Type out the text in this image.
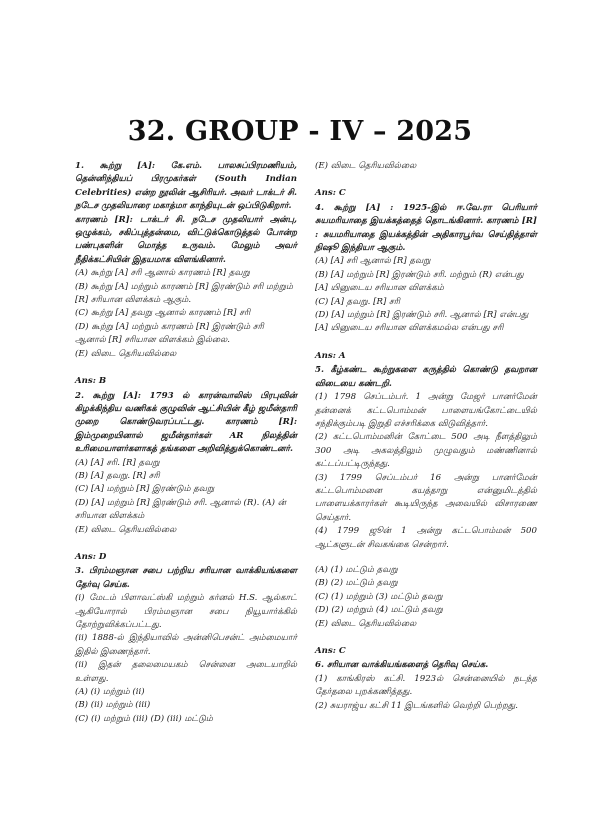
32. GROUP - IV – 2025

1. கூற்று [A]: கே.எம். பாலசுப்பிரமணியம், தென்னிந்தியப் பிரமுகர்கள் (South Indian Celebrities) என்ற நூலின் ஆசிரியர். அவர் டாக்டர் சி. நடேச முதலியாரை மகாத்மா காந்தியுடன் ஒப்பிடுகிறார்.

காரணம் [R]: டாக்டர் சி. நடேச முதலியார் அன்பு, ஒழுக்கம், சகிப்புத்தன்மை, விட்டுக்கொடுத்தல் போன்ற பண்புகளின் மொத்த உருவம். மேலும் அவர் நீதிக்கட்சியின் இதயமாக விளங்கினார்.

(A) கூற்று [A] சரி ஆனால் காரணம் [R] தவறு

(B) கூற்று [A] மற்றும் காரணம் [R] இரண்டும் சரி மற்றும் [R] சரியான விளக்கம் ஆகும்.

(C) கூற்று [A] தவறு ஆனால் காரணம் [R] சரி

(D) கூற்று [A] மற்றும் காரணம் [R] இரண்டும் சரி ஆனால் [R] சரியான விளக்கம் இல்லை.

(E) விடை தெரியவில்லை

Ans: B

2. கூற்று [A]: 1793 ல் காரன்வாலிஸ் பிரபுவின் கிழக்கிந்திய வணிகக் குழுவின் ஆட்சியின் கீழ் ஜமீன்தாரி முறை கொண்டுவரப்பட்டது. காரணம் [R]: இம்முறையினால் ஜமீன்தார்கள் AR நிலத்தின் உரிமையாளர்களாகத் தங்களை அறிவித்துக்கொண்டனர்.

(A) [A] சரி. [R] தவறு

(B) [A] தவறு. [R] சரி

(C) [A] மற்றும் [R] இரண்டும் தவறு

(D) [A] மற்றும் [R] இரண்டும் சரி. ஆனால் (R). (A) ன் சரியான விளக்கம்

(E) விடை தெரியவில்லை

Ans: D

3. பிரம்மஞான சபை பற்றிய சரியான வாக்கியங்களை தேர்வு செய்க.

(i) மேடம் பிளாவட்ஸ்கி மற்றும் கர்னல் H.S. ஆல்காட் ஆகியோரால் பிரம்மஞான சபை நியூயார்க்கில் தோற்றுவிக்கப்பட்டது.

(ii) 1888-ல் இந்தியாவில் அன்னிபெசன்ட் அம்மையார் இதில் இணைந்தார்.

(ii) இதன் தலைமையகம் சென்னை அடையாறில் உள்ளது.

(A) (i) மற்றும் (ii)

(B) (ii) மற்றும் (iii)

(C) (i) மற்றும் (iii) (D) (iii) மட்டும்

(E) விடை தெரியவில்லை

Ans: C

4. கூற்று [A] : 1925-இல் ஈ.வே.ரா பெரியார் சுயமரியாதை இயக்கத்தைத் தொடங்கினார். காரணம் [R] : சுயமரியாதை இயக்கத்தின் அதிகாரபூர்வ செய்தித்தாள் நிஷூ இந்தியா ஆகும்.

(A) [A] சரி ஆனால் [R] தவறு

(B) [A] மற்றும் [R] இரண்டும் சரி. மற்றும் (R) என்பது [A] யினுடைய சரியான விளக்கம்

(C) [A] தவறு. [R] சரி

(D) [A] மற்றும் [R] இரண்டும் சரி. ஆனால் [R] என்பது [A] யினுடைய சரியான விளக்கமல்ல என்பது சரி

Ans: A

5. கீழ்கண்ட கூற்றுகளை கருத்தில் கொண்டு தவறான விடையை கண்டறி.

(1) 1798 செப்டம்பர். 1 அன்று மேஜர் பானர்மேன் தன்னைக் கட்டபொம்மன் பாளையங்கோட்டையில் சந்திக்கும்படி இறுதி எச்சரிக்கை விடுவித்தார்.

(2) கட்டபொம்மனின் கோட்டை 500 அடி நீளத்திலும் 300 அடி அகலத்திலும் முழுவதும் மண்ணினால் கட்டப்பட்டிருந்தது.

(3) 1799 செப்டம்பர் 16 அன்று பானர்மேன் கட்டபொம்மனை கயத்தாறு என்னுமிடத்தில் பாளையக்காரர்கள் கூடியிருந்த அவையில் விசாரணை செய்தார்.

(4) 1799 ஜூன் 1 அன்று கட்டபொம்மன் 500 ஆட்களுடன் சிவகங்கை சென்றார்.

(A) (1) மட்டும் தவறு

(B) (2) மட்டும் தவறு

(C) (1) மற்றும் (3) மட்டும் தவறு

(D) (2) மற்றும் (4) மட்டும் தவறு

(E) விடை தெரியவில்லை

Ans: C

6. சரியான வாக்கியங்களைத் தெரிவு செய்க.

(1) காங்கிரஸ் கட்சி. 1923ல் சென்னையில் நடந்த தேர்தலை புறக்கணித்தது.

(2) சுயராஜ்ய கட்சி 11 இடங்களில் வெற்றி பெற்றது.
